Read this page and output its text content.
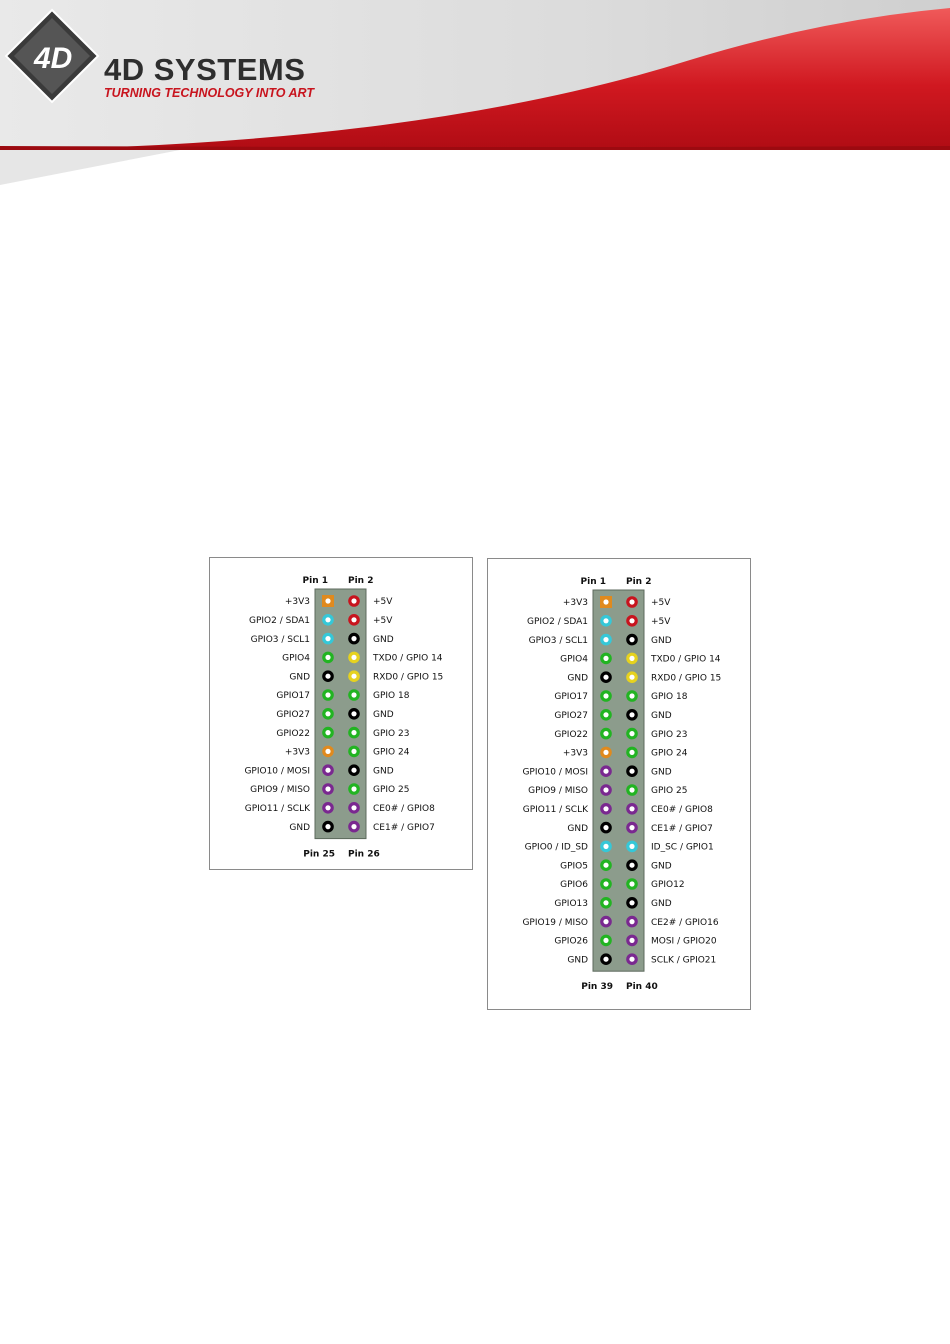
4D 4D SYSTEMS
TURNING TECHNOLOGY INTO ART
Pin 1 Pin 2
Pin 25 Pin 26
+3V3	+5V
GPIO2 / SDA1	+5V
GPIO3 / SCL1	GND
GPIO4	TXD0 / GPIO 14
GND	RXD0 / GPIO 15
GPIO17	GPIO 18
GPIO27	GND
GPIO22	GPIO 23
+3V3	GPIO 24
GPIO10 / MOSI	GND
GPIO9 / MISO	GPIO 25
GPIO11 / SCLK	CE0# / GPIO8
GND	CE1# / GPIO7
Pin 1 Pin 2
Pin 39 Pin 40
+3V3	+5V
GPIO2 / SDA1	+5V
GPIO3 / SCL1	GND
GPIO4	TXD0 / GPIO 14
GND	RXD0 / GPIO 15
GPIO17	GPIO 18
GPIO27	GND
GPIO22	GPIO 23
+3V3	GPIO 24
GPIO10 / MOSI	GND
GPIO9 / MISO	GPIO 25
GPIO11 / SCLK	CE0# / GPIO8
GND	CE1# / GPIO7
GPIO0 / ID_SD	ID_SC / GPIO1
GPIO5	GND
GPIO6	GPIO12
GPIO13	GND
GPIO19 / MISO	CE2# / GPIO16
GPIO26	MOSI / GPIO20
GND	SCLK / GPIO21
